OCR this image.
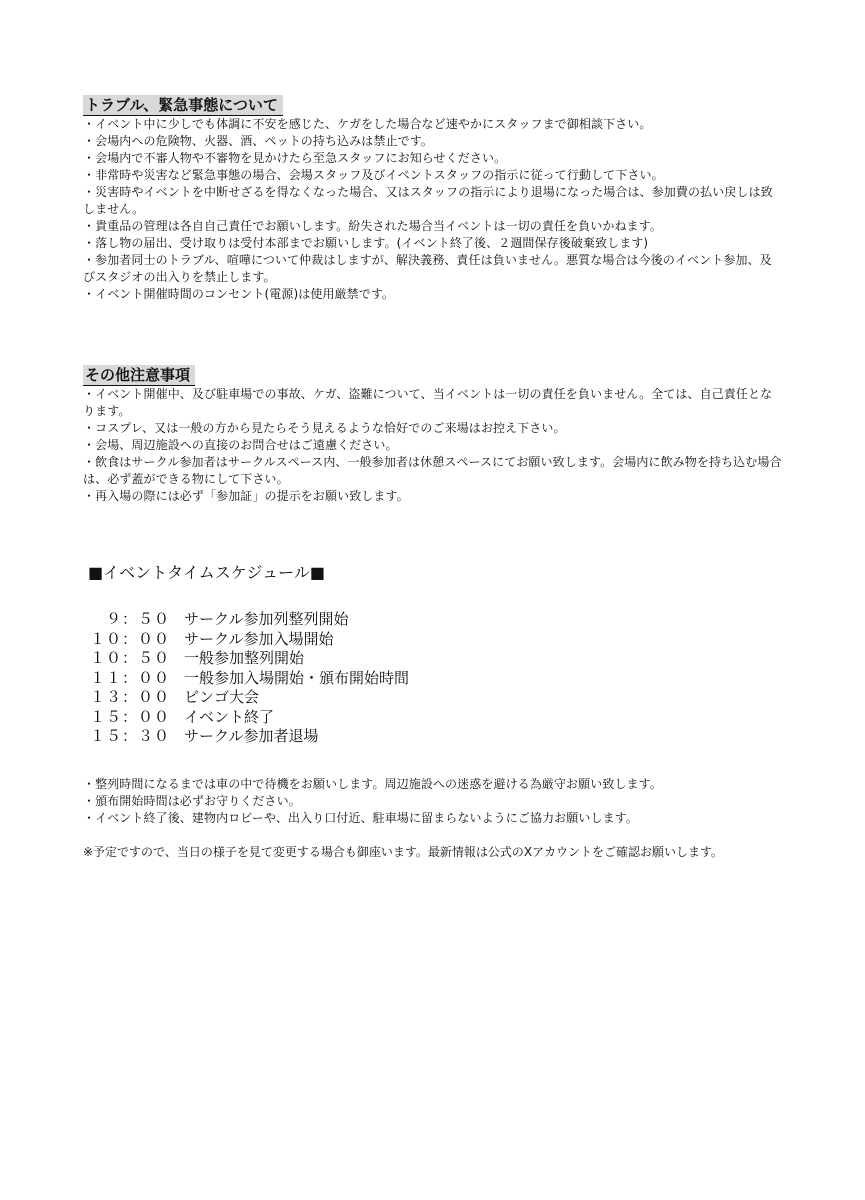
トラブル、緊急事態について

・イベント中に少しでも体調に不安を感じた、ケガをした場合など速やかにスタッフまで御相談下さい。

・会場内への危険物、火器、酒、ペットの持ち込みは禁止です。

・会場内で不審人物や不審物を見かけたら至急スタッフにお知らせください。

・非常時や災害など緊急事態の場合、会場スタッフ及びイベントスタッフの指示に従って行動して下さい。

・災害時やイベントを中断せざるを得なくなった場合、又はスタッフの指示により退場になった場合は、参加費の払い戻しは致しません。

・貴重品の管理は各自自己責任でお願いします。紛失された場合当イベントは一切の責任を負いかねます。

・落し物の届出、受け取りは受付本部までお願いします。(イベント終了後、２週間保存後破棄致します)

・参加者同士のトラブル、喧嘩について仲裁はしますが、解決義務、責任は負いません。悪質な場合は今後のイベント参加、及びスタジオの出入りを禁止します。

・イベント開催時間のコンセント(電源)は使用厳禁です。

その他注意事項

・イベント開催中、及び駐車場での事故、ケガ、盗難について、当イベントは一切の責任を負いません。全ては、自己責任となります。

・コスプレ、又は一般の方から見たらそう見えるような恰好でのご来場はお控え下さい。

・会場、周辺施設への直接のお問合せはご遠慮ください。

・飲食はサークル参加者はサークルスペース内、一般参加者は休憩スペースにてお願い致します。会場内に飲み物を持ち込む場合は、必ず蓋ができる物にして下さい。

・再入場の際には必ず「参加証」の提示をお願い致します。

■イベントタイムスケジュール■
９：５０ サークル参加列整列開始
１０：００ サークル参加入場開始
１０：５０ 一般参加整列開始
１１：００ 一般参加入場開始・頒布開始時間
１３：００ ビンゴ大会
１５：００ イベント終了
１５：３０ サークル参加者退場

・整列時間になるまでは車の中で待機をお願いします。周辺施設への迷惑を避ける為厳守お願い致します。

・頒布開始時間は必ずお守りください。

・イベント終了後、建物内ロビーや、出入り口付近、駐車場に留まらないようにご協力お願いします。

※予定ですので、当日の様子を見て変更する場合も御座います。最新情報は公式のXアカウントをご確認お願いします。
